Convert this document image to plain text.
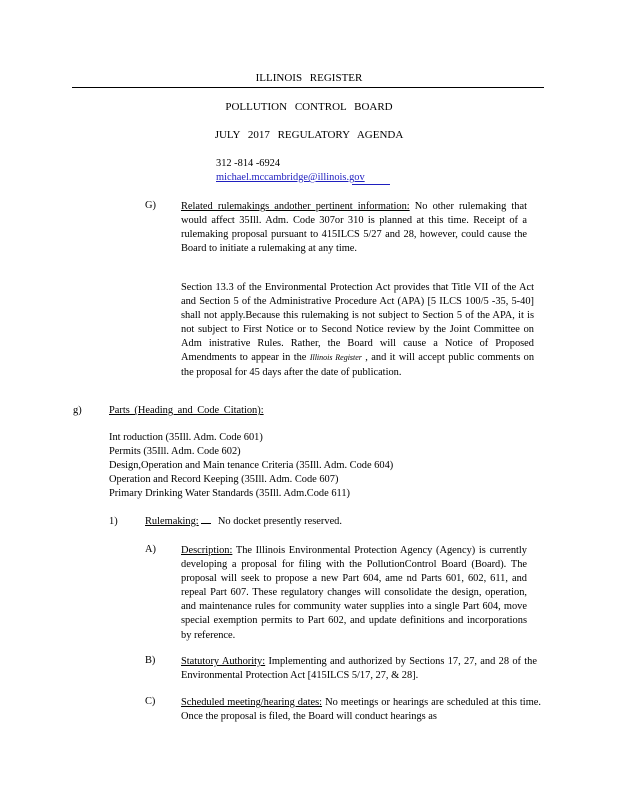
ILLINOIS REGISTER
POLLUTION CONTROL BOARD
JULY 2017 REGULATORY AGENDA
312 -814 -6924
michael.mccambridge@illinois.gov
G) Related rulemakings andother pertinent information: No other rulemaking that would affect 35Ill. Adm. Code 307or 310 is planned at this time. Receipt of a rulemaking proposal pursuant to 415ILCS 5/27 and 28, however, could cause the Board to initiate a rulemaking at any time.
Section 13.3 of the Environmental Protection Act provides that Title VII of the Act and Section 5 of the Administrative Procedure Act (APA) [5 ILCS 100/5 -35, 5-40] shall not apply.Because this rulemaking is not subject to Section 5 of the APA, it is not subject to First Notice or to Second Notice review by the Joint Committee on Adm inistrative Rules. Rather, the Board will cause a Notice of Proposed Amendments to appear in the Illinois Register , and it will accept public comments on the proposal for 45 days after the date of publication.
g)	Parts (Heading and Code Citation):
Int roduction (35Ill. Adm. Code 601)
Permits (35Ill. Adm. Code 602)
Design,Operation and Main tenance Criteria (35Ill. Adm. Code 604)
Operation and Record Keeping (35Ill. Adm. Code 607)
Primary Drinking Water Standards (35Ill. Adm.Code 611)
1)	Rulemaking: No docket presently reserved.
A) Description: The Illinois Environmental Protection Agency (Agency) is currently developing a proposal for filing with the PollutionControl Board (Board). The proposal will seek to propose a new Part 604, ame nd Parts 601, 602, 611, and repeal Part 607. These regulatory changes will consolidate the design, operation, and maintenance rules for community water supplies into a single Part 604, move special exemption permits to Part 602, and update definitions and incorporations by reference.
B) Statutory Authority: Implementing and authorized by Sections 17, 27, and 28 of the Environmental Protection Act [415ILCS 5/17, 27, & 28].
C) Scheduled meeting/hearing dates: No meetings or hearings are scheduled at this time. Once the proposal is filed, the Board will conduct hearings as
